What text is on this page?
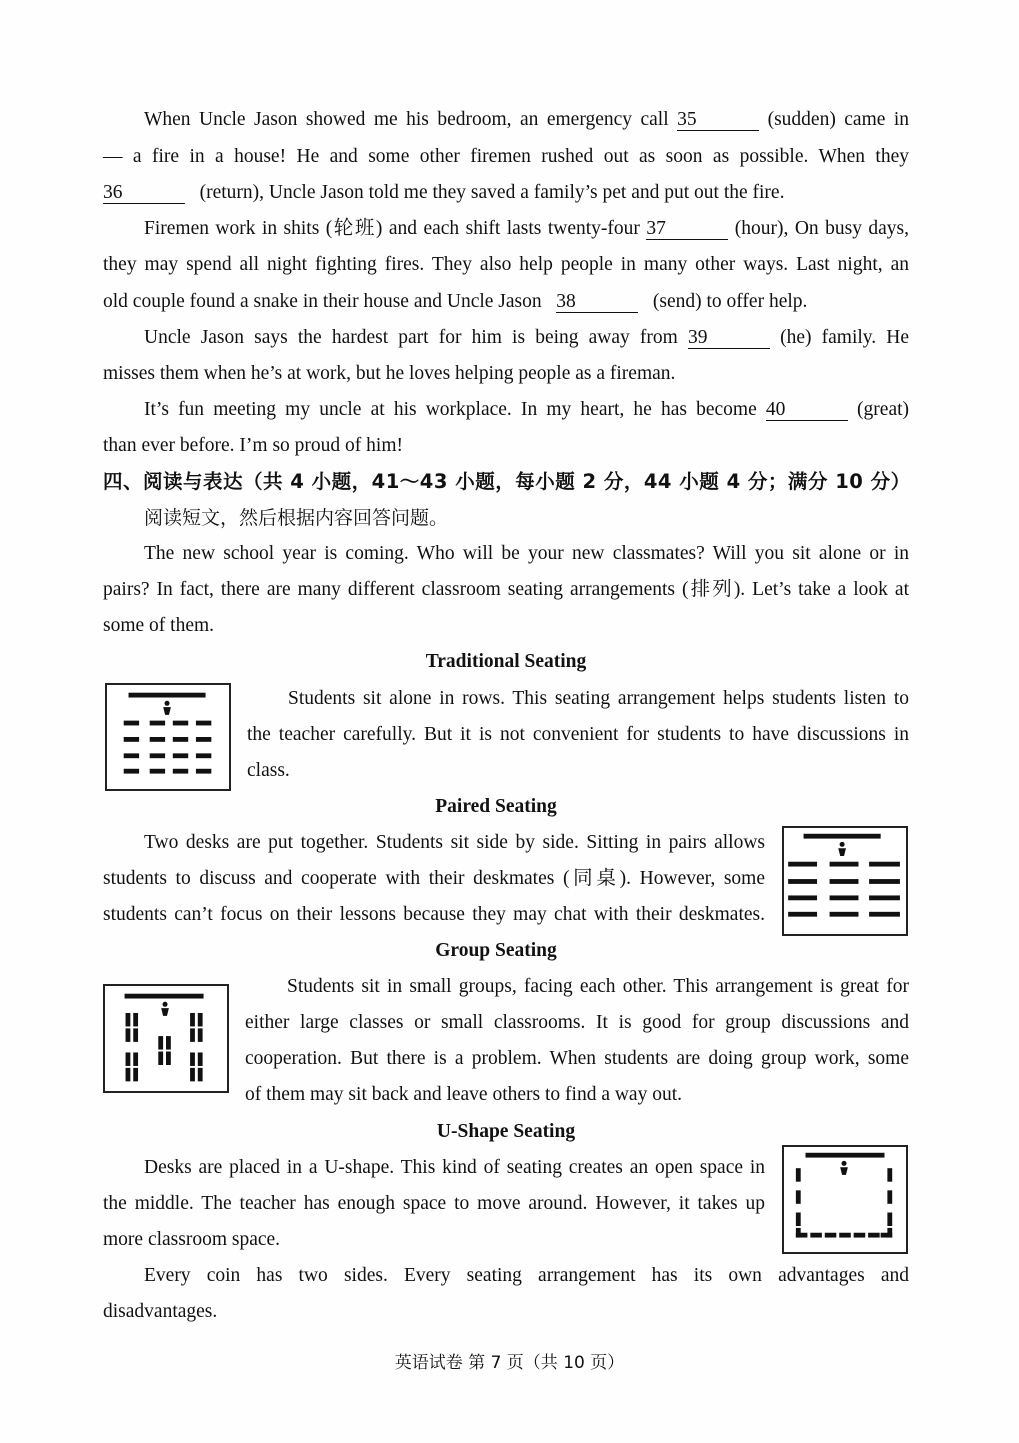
When Uncle Jason showed me his bedroom, an emergency call 35	(sudden) came in
— a fire in a house! He and some other firemen rushed out as soon as possible. When they
36	(return), Uncle Jason told me they saved a family’s pet and put out the fire.
Firemen work in shits (轮班) and each shift lasts twenty-four 37	(hour), On busy days,
they may spend all night fighting fires. They also help people in many other ways. Last night, an
old couple found a snake in their house and Uncle Jason 38	(send) to offer help.
Uncle Jason says the hardest part for him is being away from 39	(he) family. He
misses them when he’s at work, but he loves helping people as a fireman.
It’s fun meeting my uncle at his workplace. In my heart, he has become 40	(great)
than ever before. I’m so proud of him!
四、阅读与表达（共 4 小题，41～43 小题，每小题 2 分，44 小题 4 分；满分 10 分）
阅读短文，然后根据内容回答问题。
The new school year is coming. Who will be your new classmates? Will you sit alone or in
pairs? In fact, there are many different classroom seating arrangements (排列). Let’s take a look at
some of them.
Traditional Seating
Students sit alone in rows. This seating arrangement helps students listen to
the teacher carefully. But it is not convenient for students to have discussions in
class.
Paired Seating
Two desks are put together. Students sit side by side. Sitting in pairs allows
students to discuss and cooperate with their deskmates (同桌). However, some
students can’t focus on their lessons because they may chat with their deskmates.
Group Seating
Students sit in small groups, facing each other. This arrangement is great for
either large classes or small classrooms. It is good for group discussions and
cooperation. But there is a problem. When students are doing group work, some
of them may sit back and leave others to find a way out.
U-Shape Seating
Desks are placed in a U-shape. This kind of seating creates an open space in
the middle. The teacher has enough space to move around. However, it takes up
more classroom space.
Every coin has two sides. Every seating arrangement has its own advantages and
disadvantages.
英语试卷 第 7 页（共 10 页）
